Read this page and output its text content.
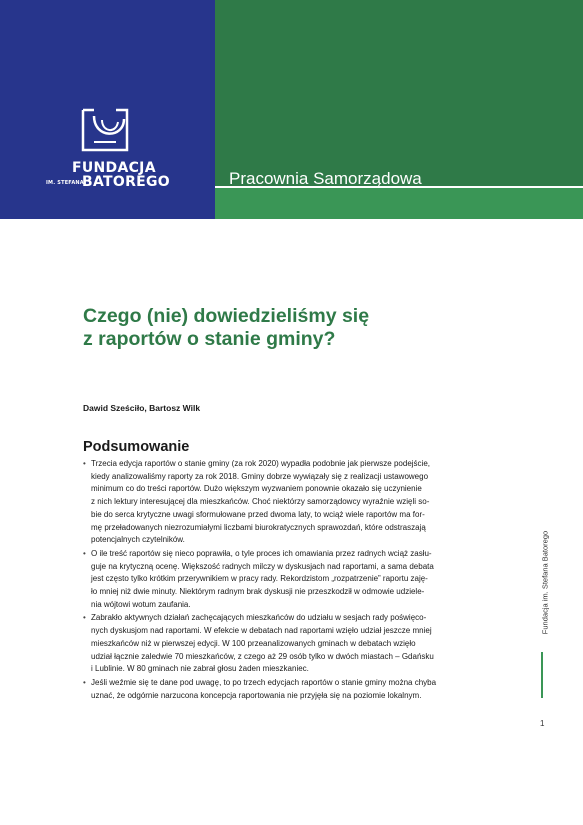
FUNDACJA
IM. STEFANA
BATOREGO	Pracownia Samorządowa
Czego (nie) dowiedzieliśmy się
z raportów o stanie gminy?
Dawid Sześciło, Bartosz Wilk
Podsumowanie
• Trzecia edycja raportów o stanie gminy (za rok 2020) wypadła podobnie jak pierwsze podejście,
kiedy analizowaliśmy raporty za rok 2018. Gminy dobrze wywiązały się z realizacji ustawowego
minimum co do treści raportów. Dużo większym wyzwaniem ponownie okazało się uczynienie
z nich lektury interesującej dla mieszkańców. Choć niektórzy samorządowcy wyraźnie wzięli so-
bie do serca krytyczne uwagi sformułowane przed dwoma laty, to wciąż wiele raportów ma for-
mę przeładowanych niezrozumiałymi liczbami biurokratycznych sprawozdań, które odstraszają
potencjalnych czytelników.
• O ile treść raportów się nieco poprawiła, o tyle proces ich omawiania przez radnych wciąż zasłu-
guje na krytyczną ocenę. Większość radnych milczy w dyskusjach nad raportami, a sama debata
jest często tylko krótkim przerywnikiem w pracy rady. Rekordzistom „rozpatrzenie” raportu zaję-
ło mniej niż dwie minuty. Niektórym radnym brak dyskusji nie przeszkodził w odmowie udziele-
nia wójtowi wotum zaufania.
• Zabrakło aktywnych działań zachęcających mieszkańców do udziału w sesjach rady poświęco-
nych dyskusjom nad raportami. W efekcie w debatach nad raportami wzięło udział jeszcze mniej
mieszkańców niż w pierwszej edycji. W 100 przeanalizowanych gminach w debatach wzięło
udział łącznie zaledwie 70 mieszkańców, z czego aż 29 osób tylko w dwóch miastach – Gdańsku
i Lublinie. W 80 gminach nie zabrał głosu żaden mieszkaniec.
• Jeśli weźmie się te dane pod uwagę, to po trzech edycjach raportów o stanie gminy można chyba
uznać, że odgórnie narzucona koncepcja raportowania nie przyjęła się na poziomie lokalnym.
Fundacja im. Stefana Batorego
1
